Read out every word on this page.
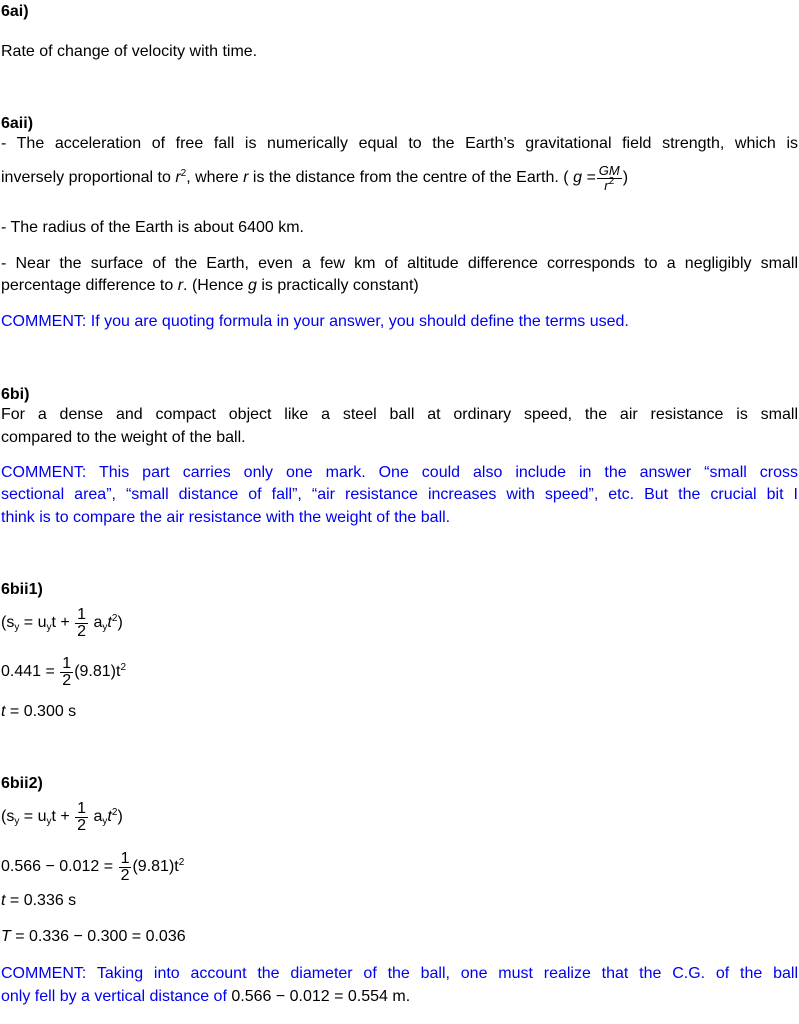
​
6ai)
Rate of change of velocity with time.
6aii)
- The acceleration of free fall is numerically equal to the Earth’s gravitational field strength, which is
inversely proportional to $r^2$, where r is the distance from the centre of the Earth. ( $g = \frac{GM}{r^2}$ )
- The radius of the Earth is about 6400 km.
- Near the surface of the Earth, even a few km of altitude difference corresponds to a negligibly small
percentage difference to r. (Hence g is practically constant)
COMMENT: If you are quoting formula in your answer, you should define the terms used.
6bi)
For a dense and compact object like a steel ball at ordinary speed, the air resistance is small
compared to the weight of the ball.
COMMENT: This part carries only one mark. One could also include in the answer “small cross
sectional area”, “small distance of fall”, “air resistance increases with speed”, etc. But the crucial bit I
think is to compare the air resistance with the weight of the ball.
6bii1)
$(s_y = u_yt + \frac{1}{2} a_yt^2)$
$0.441 = \frac{1}{2} (9.81)t^2$
t = 0.300 s
6bii2)
$(s_y = u_yt + \frac{1}{2} a_yt^2)$
$0.566 - 0.012 = \frac{1}{2} (9.81)t^2$
t = 0.336 s
T = 0.336 − 0.300 = 0.036
COMMENT: Taking into account the diameter of the ball, one must realize that the C.G. of the ball
only fell by a vertical distance of 0.566 − 0.012 = 0.554 m.
